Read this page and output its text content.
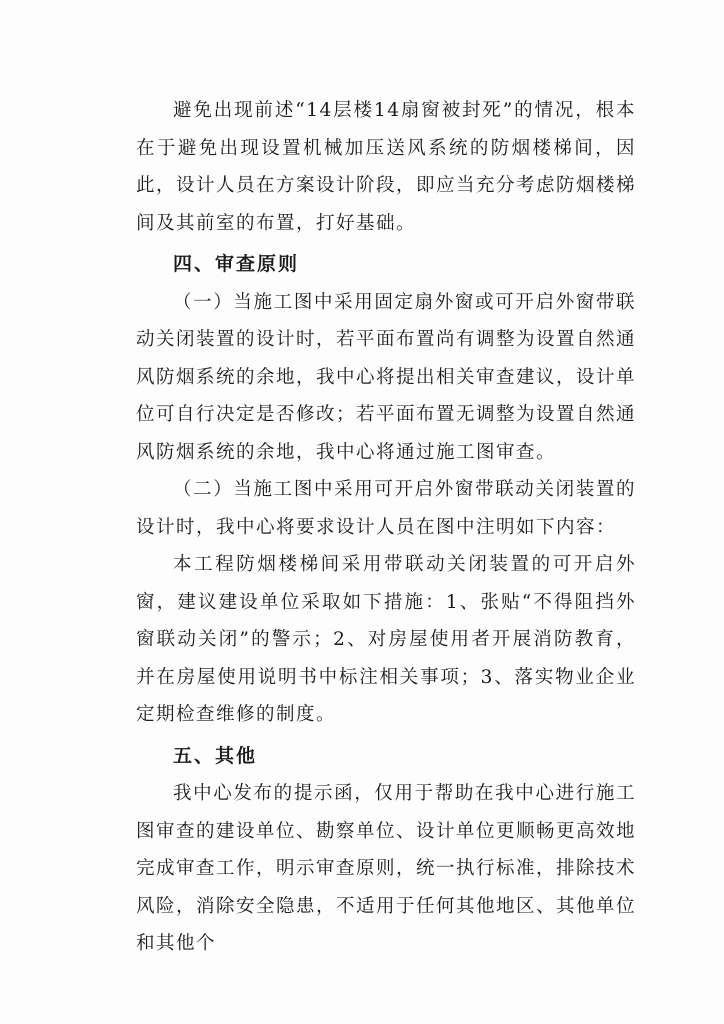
避免出现前述“14层楼14扇窗被封死”的情况，根本在于避免出现设置机械加压送风系统的防烟楼梯间，因此，设计人员在方案设计阶段，即应当充分考虑防烟楼梯间及其前室的布置，打好基础。

四、审查原则

（一）当施工图中采用固定扇外窗或可开启外窗带联动关闭装置的设计时，若平面布置尚有调整为设置自然通风防烟系统的余地，我中心将提出相关审查建议，设计单位可自行决定是否修改；若平面布置无调整为设置自然通风防烟系统的余地，我中心将通过施工图审查。

（二）当施工图中采用可开启外窗带联动关闭装置的设计时，我中心将要求设计人员在图中注明如下内容：

本工程防烟楼梯间采用带联动关闭装置的可开启外窗，建议建设单位采取如下措施：1、张贴“不得阻挡外窗联动关闭”的警示；2、对房屋使用者开展消防教育，并在房屋使用说明书中标注相关事项；3、落实物业企业定期检查维修的制度。

五、其他

我中心发布的提示函，仅用于帮助在我中心进行施工图审查的建设单位、勘察单位、设计单位更顺畅更高效地完成审查工作，明示审查原则，统一执行标准，排除技术风险，消除安全隐患，不适用于任何其他地区、其他单位和其他个
